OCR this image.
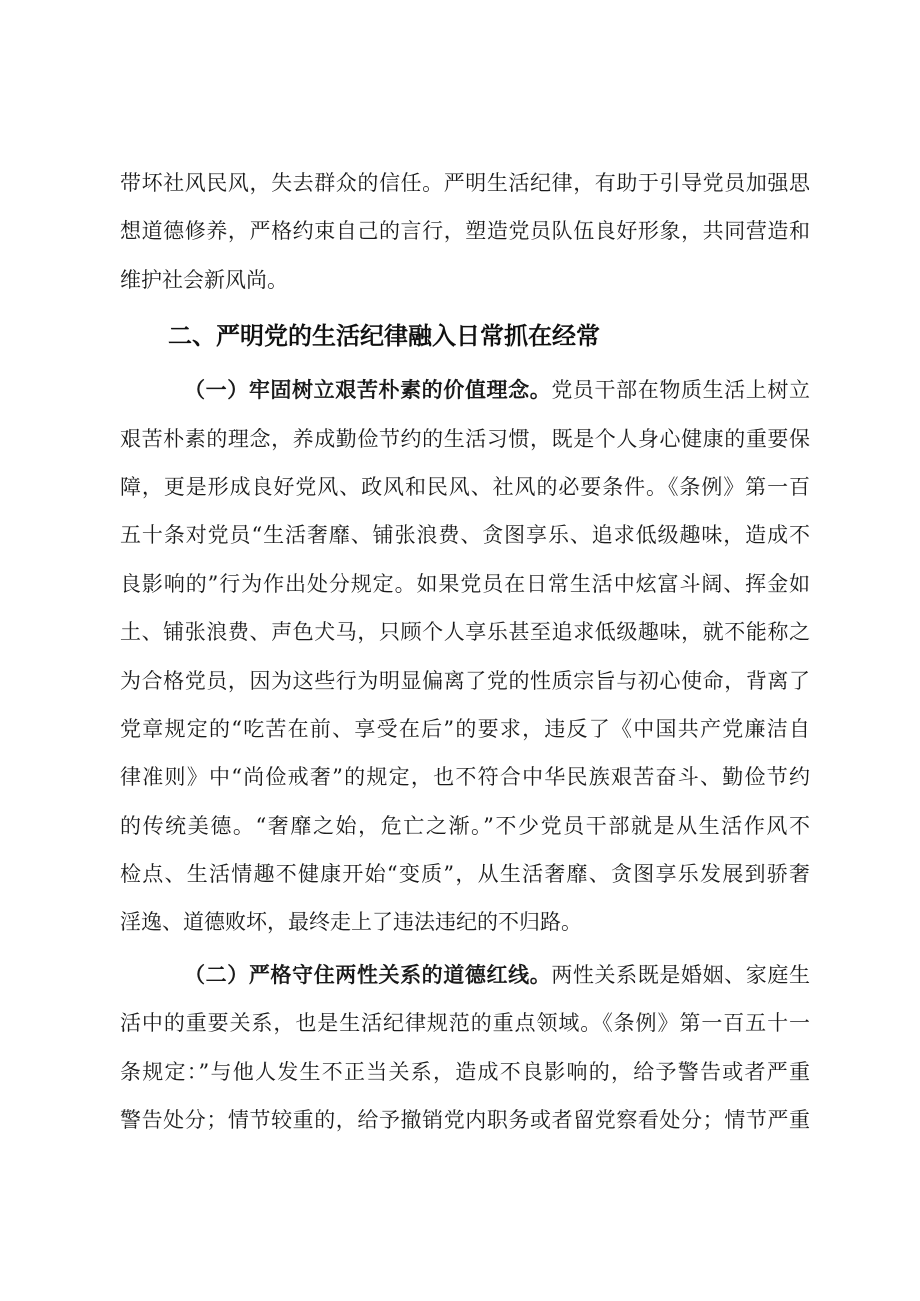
带坏社风民风，失去群众的信任。严明生活纪律，有助于引导党员加强思
想道德修养，严格约束自己的言行，塑造党员队伍良好形象，共同营造和
维护社会新风尚。
二、严明党的生活纪律融入日常抓在经常
（一）牢固树立艰苦朴素的价值理念。党员干部在物质生活上树立
艰苦朴素的理念，养成勤俭节约的生活习惯，既是个人身心健康的重要保
障，更是形成良好党风、政风和民风、社风的必要条件。《条例》第一百
五十条对党员“生活奢靡、铺张浪费、贪图享乐、追求低级趣味，造成不
良影响的”行为作出处分规定。如果党员在日常生活中炫富斗阔、挥金如
土、铺张浪费、声色犬马，只顾个人享乐甚至追求低级趣味，就不能称之
为合格党员，因为这些行为明显偏离了党的性质宗旨与初心使命，背离了
党章规定的“吃苦在前、享受在后”的要求，违反了《中国共产党廉洁自
律准则》中“尚俭戒奢”的规定，也不符合中华民族艰苦奋斗、勤俭节约
的传统美德。“奢靡之始，危亡之渐。”不少党员干部就是从生活作风不
检点、生活情趣不健康开始“变质”，从生活奢靡、贪图享乐发展到骄奢
淫逸、道德败坏，最终走上了违法违纪的不归路。
（二）严格守住两性关系的道德红线。两性关系既是婚姻、家庭生
活中的重要关系，也是生活纪律规范的重点领域。《条例》第一百五十一
条规定：”与他人发生不正当关系，造成不良影响的，给予警告或者严重
警告处分；情节较重的，给予撤销党内职务或者留党察看处分；情节严重
